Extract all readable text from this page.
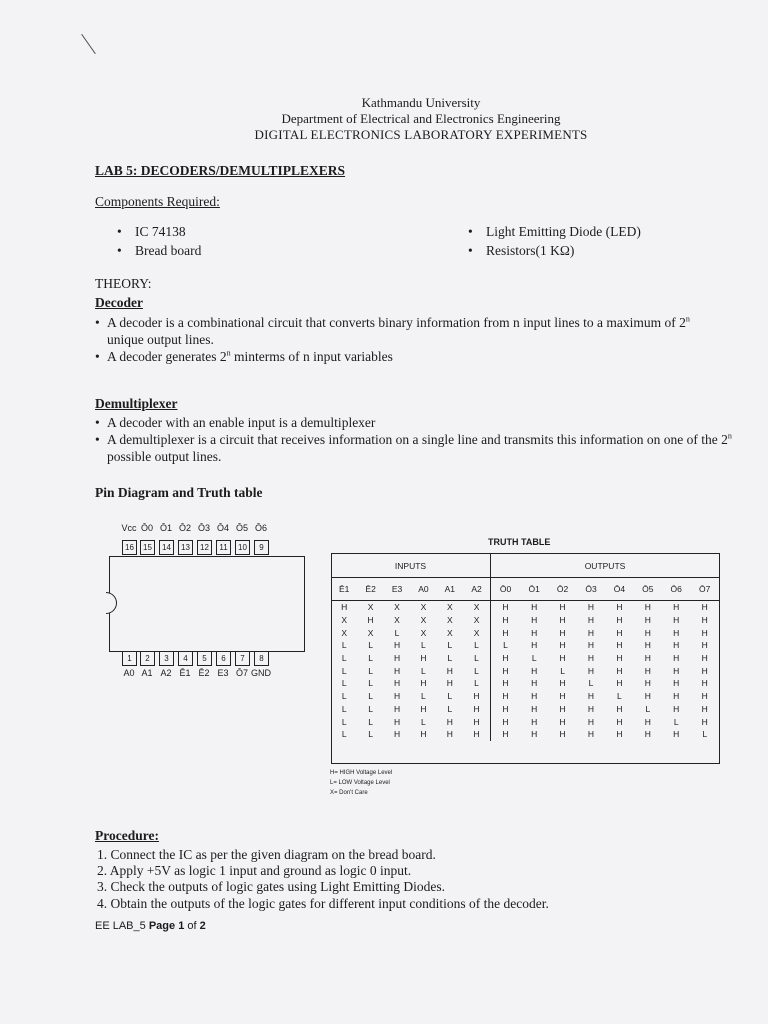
Kathmandu University
Department of Electrical and Electronics Engineering
DIGITAL ELECTRONICS LABORATORY EXPERIMENTS
LAB 5: DECODERS/DEMULTIPLEXERS
Components Required:
• IC 74138
• Bread board
• Light Emitting Diode (LED)
• Resistors(1 KΩ)
THEORY:
Decoder
• A decoder is a combinational circuit that converts binary information from n input lines to a maximum of 2$^n$
unique output lines.
• A decoder generates 2$^n$ minterms of n input variables
Demultiplexer
• A decoder with an enable input is a demultiplexer
• A demultiplexer is a circuit that receives information on a single line and transmits this information on one of the 2$^n$ possible output lines.
Pin Diagram and Truth table
16
Vcc
15
Ō0
14
Ō1
13
Ō2
12
Ō3
11
Ō4
10
Ō5
9
Ō6
1
A0
2
A1
3
A2
4
Ē1
5
Ē2
6
E3
7
Ō7
8
GND
TRUTH TABLE
INPUTS						OUTPUTS							
Ē1	Ē2	E3	A0	A1	A2	Ō0	Ō1	Ō2	Ō3	Ō4	Ō5	Ō6	Ō7
H	X	X	X	X	X	H	H	H	H	H	H	H	H
X	H	X	X	X	X	H	H	H	H	H	H	H	H
X	X	L	X	X	X	H	H	H	H	H	H	H	H
L	L	H	L	L	L	L	H	H	H	H	H	H	H
L	L	H	H	L	L	H	L	H	H	H	H	H	H
L	L	H	L	H	L	H	H	L	H	H	H	H	H
L	L	H	H	H	L	H	H	H	L	H	H	H	H
L	L	H	L	L	H	H	H	H	H	L	H	H	H
L	L	H	H	L	H	H	H	H	H	H	L	H	H
L	L	H	L	H	H	H	H	H	H	H	H	L	H
L	L	H	H	H	H	H	H	H	H	H	H	H	L
H= HIGH Voltage Level
L= LOW Voltage Level
X= Don't Care
Procedure:
1. Connect the IC as per the given diagram on the bread board.
2. Apply +5V as logic 1 input and ground as logic 0 input.
3. Check the outputs of logic gates using Light Emitting Diodes.
4. Obtain the outputs of the logic gates for different input conditions of the decoder.
EE LAB_5 Page 1 of 2
